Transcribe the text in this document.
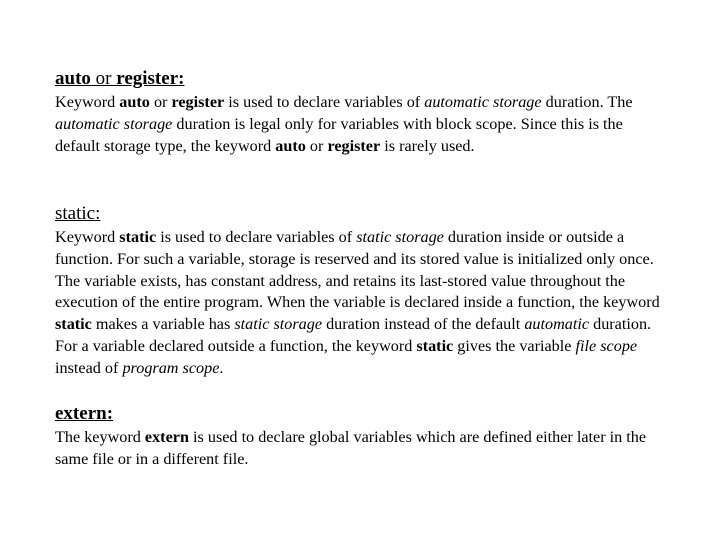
auto or register:

Keyword auto or register is used to declare variables of automatic storage duration. The automatic storage duration is legal only for variables with block scope. Since this is the default storage type, the keyword auto or register is rarely used.

static:

Keyword static is used to declare variables of static storage duration inside or outside a function. For such a variable, storage is reserved and its stored value is initialized only once. The variable exists, has constant address, and retains its last-stored value throughout the execution of the entire program. When the variable is declared inside a function, the keyword static makes a variable has static storage duration instead of the default automatic duration. For a variable declared outside a function, the keyword static gives the variable file scope instead of program scope.

extern:

The keyword extern is used to declare global variables which are defined either later in the same file or in a different file.
